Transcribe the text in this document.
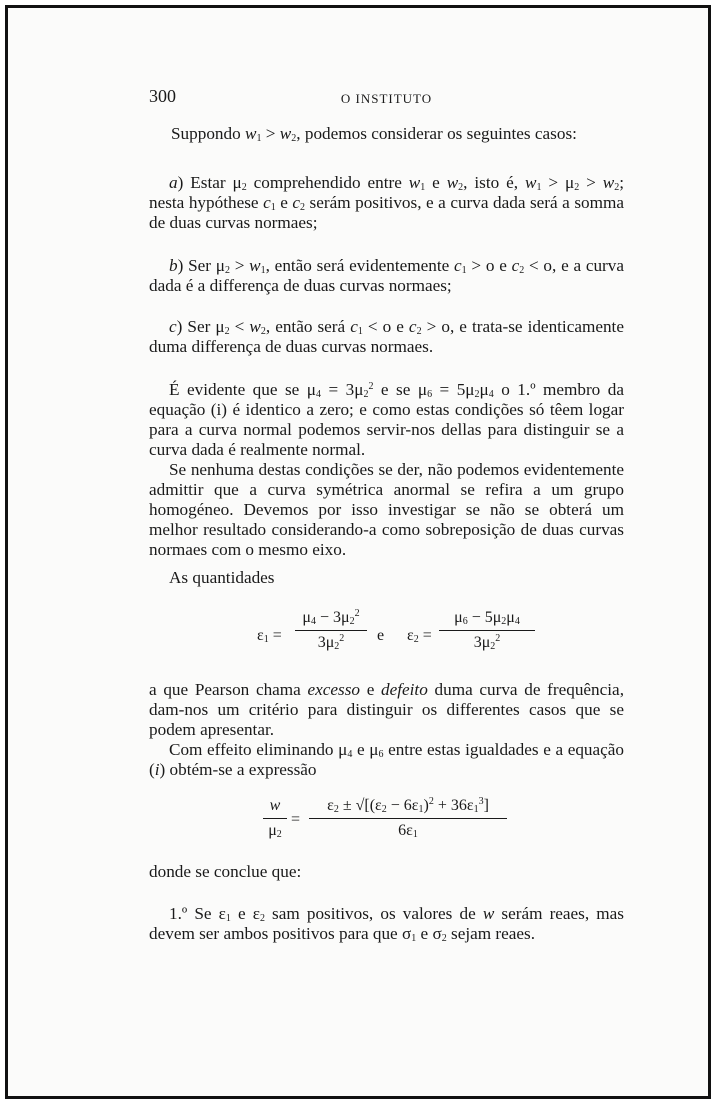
300	O INSTITUTO

Suppondo $w_1 > w_2$, podemos considerar os seguintes casos:

a) Estar $\mu_2$ comprehendido entre $w_1$ e $w_2$, isto é, $w_1 > \mu_2 > w_2$; nesta hypóthese $c_1$ e $c_2$ serám positivos, e a curva dada será a somma de duas curvas normaes;

b) Ser $\mu_2 > w_1$, então será evidentemente $c_1 > o$ e $c_2 < o$, e a curva dada é a differença de duas curvas normaes;

c) Ser $\mu_2 < w_2$, então será $c_1 < o$ e $c_2 > o$, e trata-se identicamente duma differença de duas curvas normaes.

É evidente que se $\mu_4 = 3\mu_2^2$ e se $\mu_6 = 5\mu_2\mu_4$ o 1.º membro da equação (i) é identico a zero; e como estas condições só têem logar para a curva normal podemos servir-nos dellas para distinguir se a curva dada é realmente normal.

Se nenhuma destas condições se der, não podemos evidentemente admittir que a curva symétrica anormal se refira a um grupo homogéneo. Devemos por isso investigar se não se obterá um melhor resultado considerando-a como sobreposição de duas curvas normaes com o mesmo eixo.

As quantidades

$\varepsilon_1 = \frac{\mu_4 - 3\mu_2^2}{3\mu_2^2}$ e $\varepsilon_2 = \frac{\mu_6 - 5\mu_2\mu_4}{3\mu_2^2}$

a que Pearson chama excesso e defeito duma curva de frequência, dam-nos um critério para distinguir os differentes casos que se podem apresentar.

Com effeito eliminando $\mu_4$ e $\mu_6$ entre estas igualdades e a equação (i) obtém-se a expressão

$\frac{w}{\mu_2} = \frac{\varepsilon_2 \pm √[(\varepsilon_2 - 6\varepsilon_1)^2 + 36\varepsilon_1^3]}{6\varepsilon_1}$

donde se conclue que:

1.º Se $\varepsilon_1$ e $\varepsilon_2$ sam positivos, os valores de w serám reaes, mas devem ser ambos positivos para que $\sigma_1$ e $\sigma_2$ sejam reaes.
